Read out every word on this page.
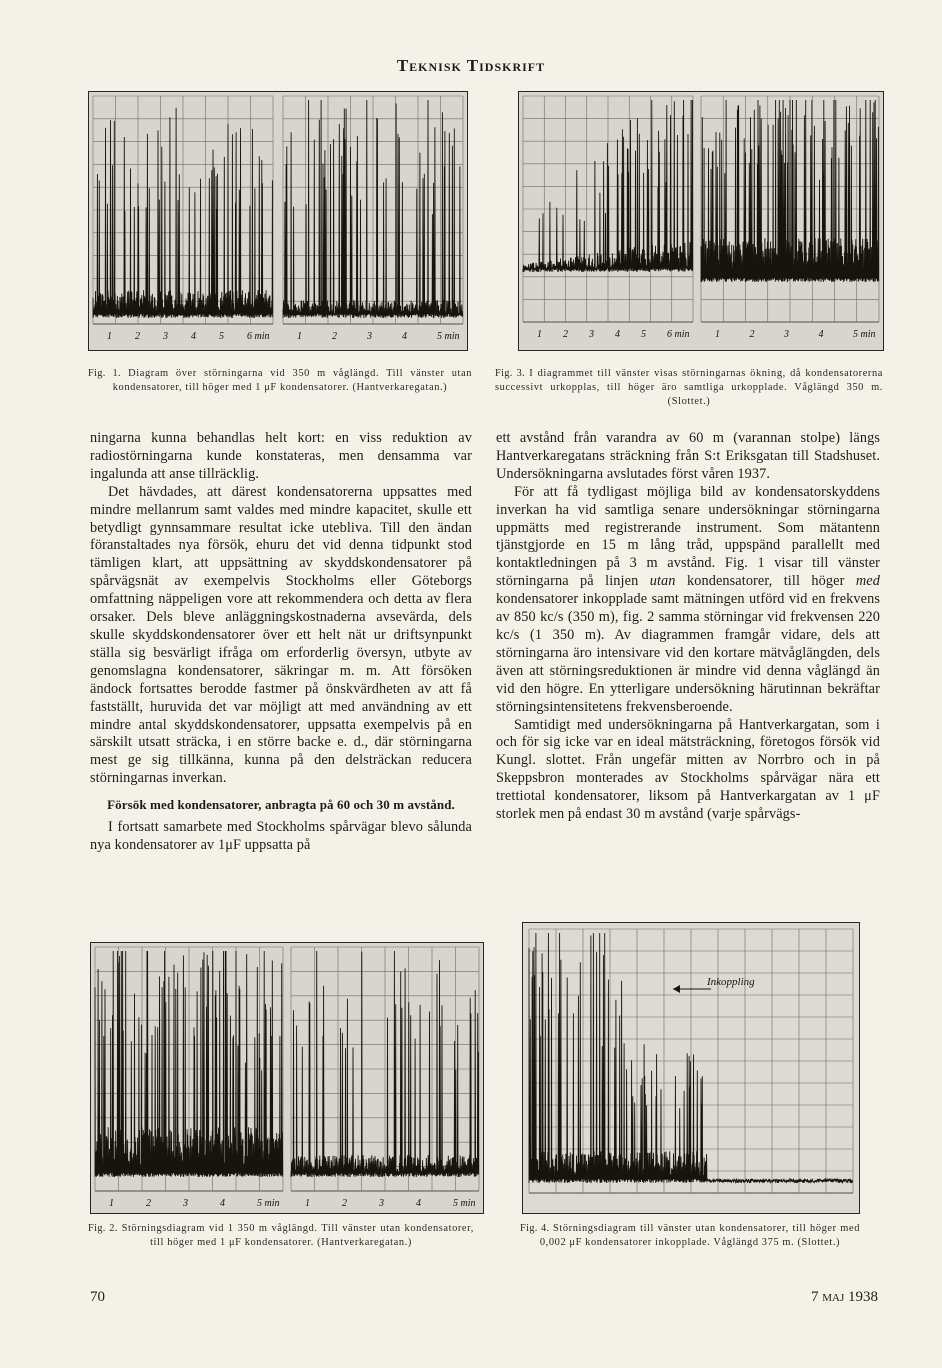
Teknisk Tidskrift
1 2 3 4 5 6 min	1	2	3	4	5 min
Fig. 1. Diagram över störningarna vid 350 m våglängd. Till vänster utan kondensatorer, till höger med 1 μF kondensatorer. (Hantverkaregatan.)
1 2 3 4 5 6 min	1	2	3	4	5 min
Fig. 3. I diagrammet till vänster visas störningarnas ökning, då kondensatorerna successivt urkopplas, till höger äro samtliga urkopplade. Våglängd 350 m. (Slottet.)

ningarna kunna behandlas helt kort: en viss reduktion av radiostörningarna kunde konstateras, men densamma var ingalunda att anse tillräcklig.

Det hävdades, att därest kondensatorerna uppsattes med mindre mellanrum samt valdes med mindre kapacitet, skulle ett betydligt gynnsammare resultat icke utebliva. Till den ändan föranstaltades nya försök, ehuru det vid denna tidpunkt stod tämligen klart, att uppsättning av skyddskondensatorer på spårvägsnät av exempelvis Stockholms eller Göteborgs omfattning näppeligen vore att rekommendera och detta av flera orsaker. Dels bleve anläggningskostnaderna avsevärda, dels skulle skyddskondensatorer över ett helt nät ur driftsynpunkt ställa sig besvärligt ifråga om erforderlig översyn, utbyte av genomslagna kondensatorer, säkringar m. m. Att försöken ändock fortsattes berodde fastmer på önskvärdheten av att få fastställt, huruvida det var möjligt att med användning av ett mindre antal skyddskondensatorer, uppsatta exempelvis på en särskilt utsatt sträcka, i en större backe e. d., där störningarna mest ge sig tillkänna, kunna på den delsträckan reducera störningarnas inverkan.

Försök med kondensatorer, anbragta på 60 och 30 m avstånd.

I fortsatt samarbete med Stockholms spårvägar blevo sålunda nya kondensatorer av 1μF uppsatta på

ett avstånd från varandra av 60 m (varannan stolpe) längs Hantverkaregatans sträckning från S:t Eriksgatan till Stadshuset. Undersökningarna avslutades först våren 1937.

För att få tydligast möjliga bild av kondensatorskyddens inverkan ha vid samtliga senare undersökningar störningarna uppmätts med registrerande instrument. Som mätantenn tjänstgjorde en 15 m lång tråd, uppspänd parallellt med kontaktledningen på 3 m avstånd. Fig. 1 visar till vänster störningarna på linjen utan kondensatorer, till höger med kondensatorer inkopplade samt mätningen utförd vid en frekvens av 850 kc/s (350 m), fig. 2 samma störningar vid frekvensen 220 kc/s (1 350 m). Av diagrammen framgår vidare, dels att störningarna äro intensivare vid den kortare mätvåglängden, dels även att störningsreduktionen är mindre vid denna våglängd än vid den högre. En ytterligare undersökning härutinnan bekräftar störningsintensitetens frekvensberoende.

Samtidigt med undersökningarna på Hantverkargatan, som i och för sig icke var en ideal mätsträckning, företogos försök vid Kungl. slottet. Från ungefär mitten av Norrbro och in på Skeppsbron monterades av Stockholms spårvägar nära ett trettiotal kondensatorer, liksom på Hantverkargatan av 1 μF storlek men på endast 30 m avstånd (varje spårvägs-

1	2	3	4	5 min	1	2	3	4	5 min
Fig. 2. Störningsdiagram vid 1 350 m våglängd. Till vänster utan kondensatorer, till höger med 1 μF kondensatorer. (Hantverkaregatan.)
Inkoppling
Fig. 4. Störningsdiagram till vänster utan kondensatorer, till höger med 0,002 μF kondensatorer inkopplade. Våglängd 375 m. (Slottet.)
70	7 maj 1938
